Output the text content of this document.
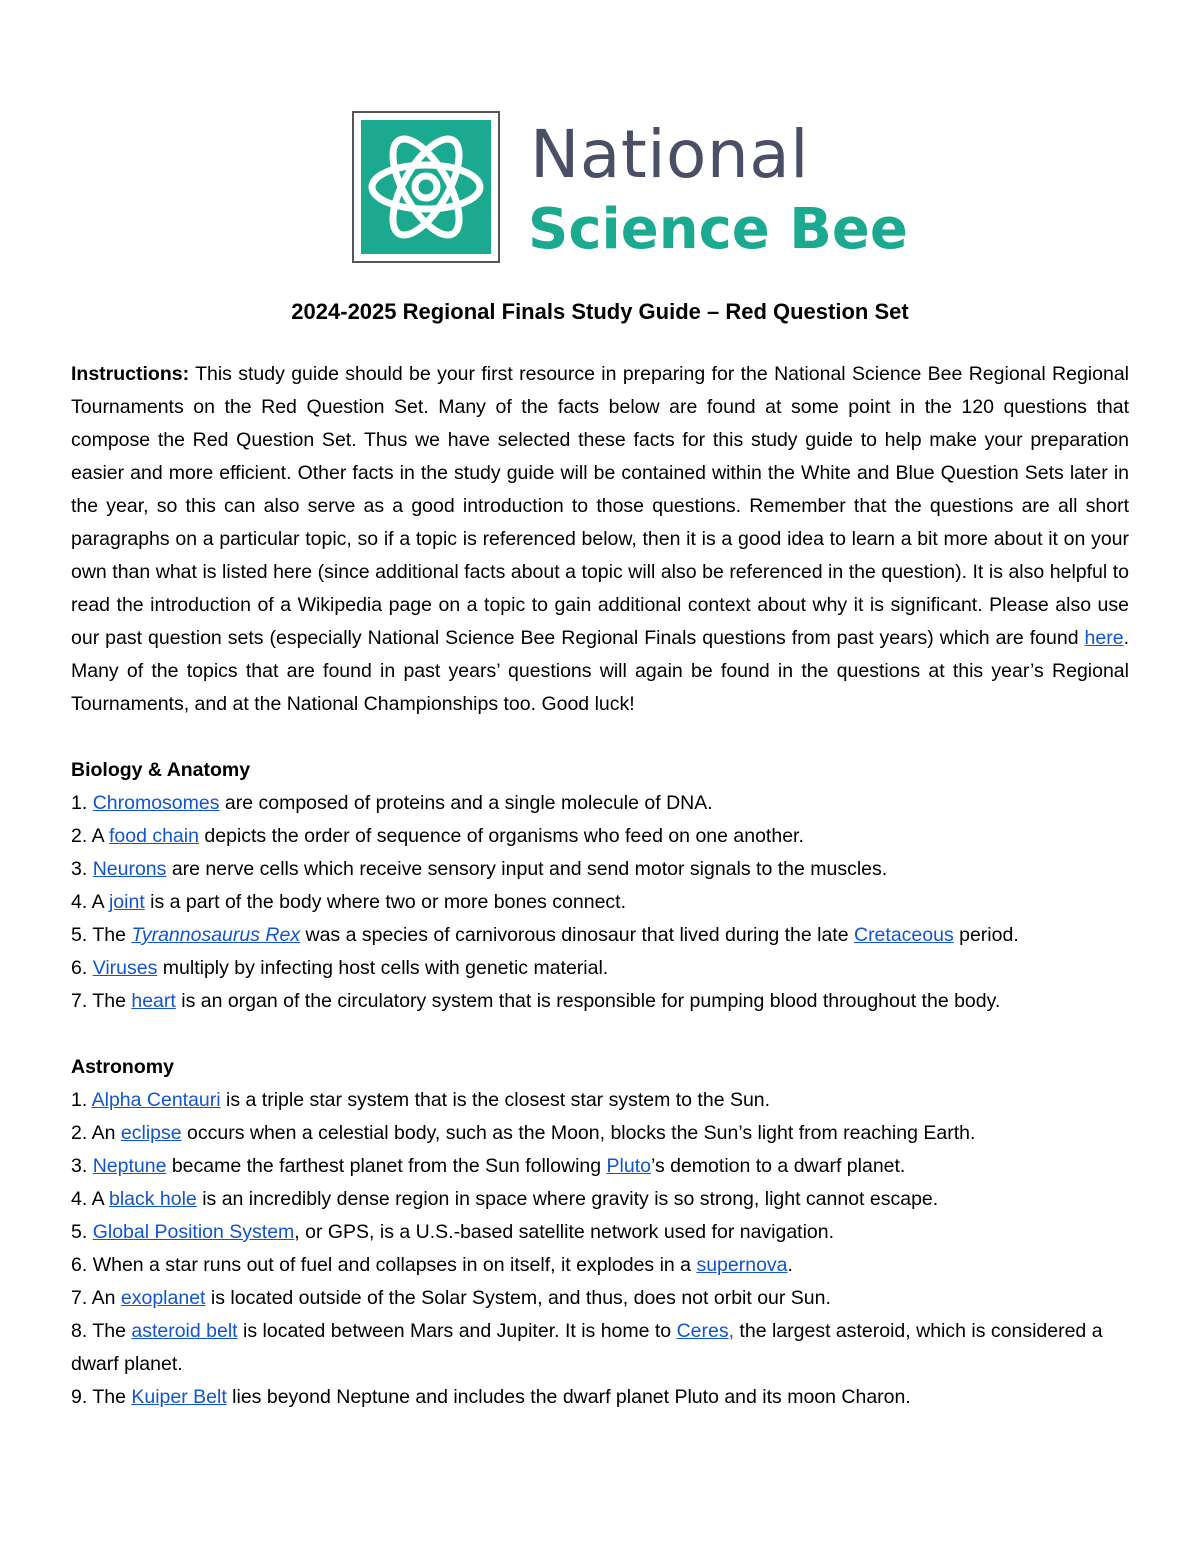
National
Science Bee
2024-2025 Regional Finals Study Guide – Red Question Set

Instructions: This study guide should be your first resource in preparing for the National Science Bee Regional Regional Tournaments on the Red Question Set. Many of the facts below are found at some point in the 120 questions that compose the Red Question Set. Thus we have selected these facts for this study guide to help make your preparation easier and more efficient. Other facts in the study guide will be contained within the White and Blue Question Sets later in the year, so this can also serve as a good introduction to those questions. Remember that the questions are all short paragraphs on a particular topic, so if a topic is referenced below, then it is a good idea to learn a bit more about it on your own than what is listed here (since additional facts about a topic will also be referenced in the question). It is also helpful to read the introduction of a Wikipedia page on a topic to gain additional context about why it is significant. Please also use our past question sets (especially National Science Bee Regional Finals questions from past years) which are found here. Many of the topics that are found in past years’ questions will again be found in the questions at this year’s Regional Tournaments, and at the National Championships too. Good luck!

Biology & Anatomy

1. Chromosomes are composed of proteins and a single molecule of DNA.

2. A food chain depicts the order of sequence of organisms who feed on one another.

3. Neurons are nerve cells which receive sensory input and send motor signals to the muscles.

4. A joint is a part of the body where two or more bones connect.

5. The Tyrannosaurus Rex was a species of carnivorous dinosaur that lived during the late Cretaceous period.

6. Viruses multiply by infecting host cells with genetic material.

7. The heart is an organ of the circulatory system that is responsible for pumping blood throughout the body.

Astronomy

1. Alpha Centauri is a triple star system that is the closest star system to the Sun.

2. An eclipse occurs when a celestial body, such as the Moon, blocks the Sun’s light from reaching Earth.

3. Neptune became the farthest planet from the Sun following Pluto’s demotion to a dwarf planet.

4. A black hole is an incredibly dense region in space where gravity is so strong, light cannot escape.

5. Global Position System, or GPS, is a U.S.-based satellite network used for navigation.

6. When a star runs out of fuel and collapses in on itself, it explodes in a supernova.

7. An exoplanet is located outside of the Solar System, and thus, does not orbit our Sun.

8. The asteroid belt is located between Mars and Jupiter. It is home to Ceres, the largest asteroid, which is considered a dwarf planet.

9. The Kuiper Belt lies beyond Neptune and includes the dwarf planet Pluto and its moon Charon.
